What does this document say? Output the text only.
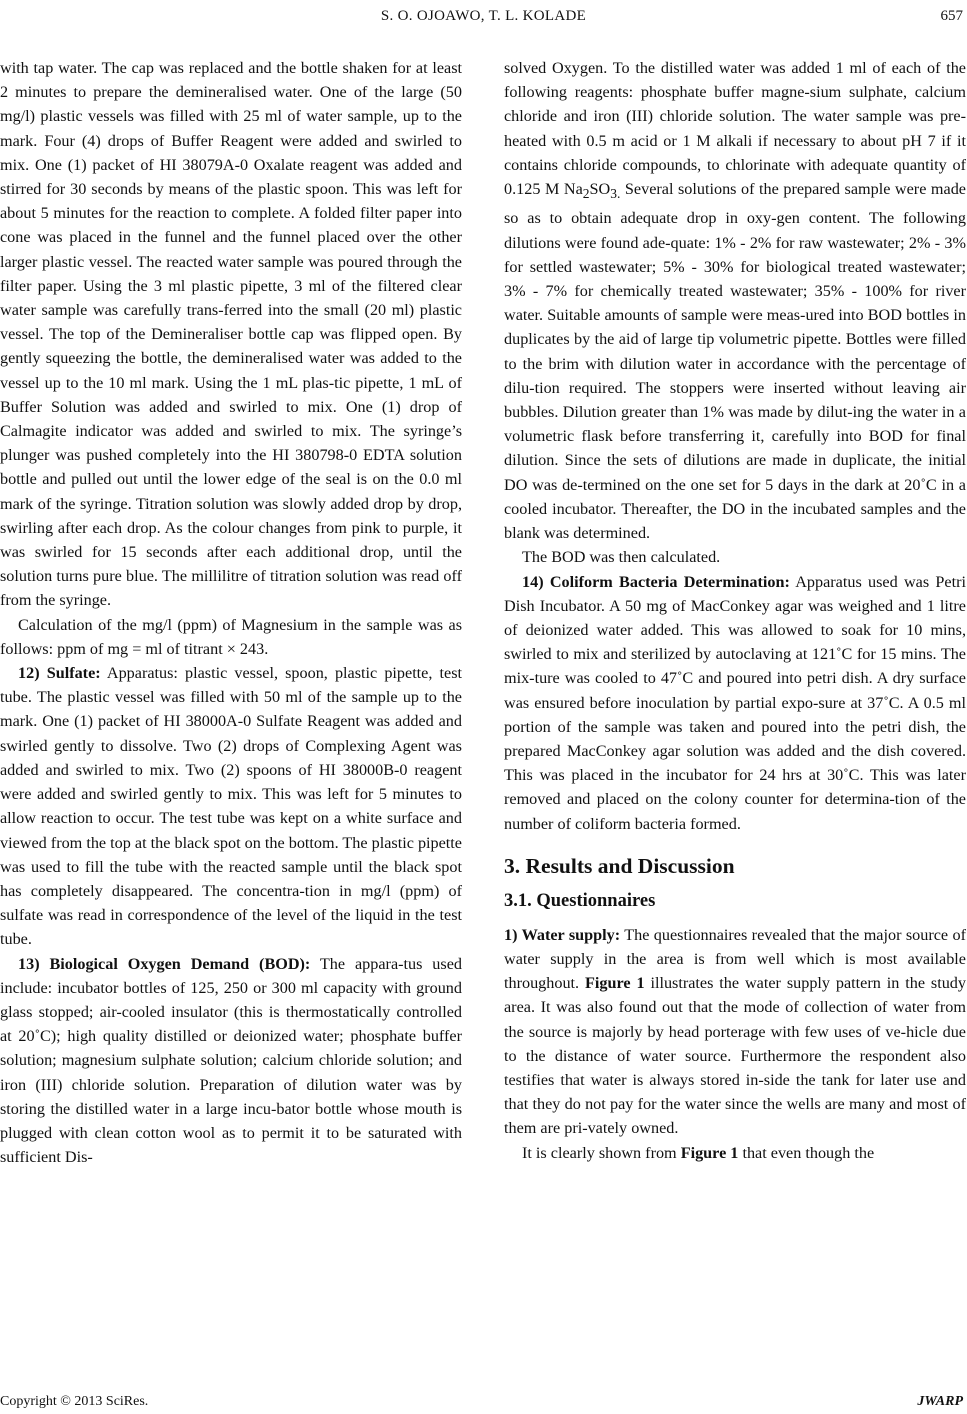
S. O. OJOAWO, T. L. KOLADE	657

with tap water. The cap was replaced and the bottle shaken for at least 2 minutes to prepare the demineralised water. One of the large (50 mg/l) plastic vessels was filled with 25 ml of water sample, up to the mark. Four (4) drops of Buffer Reagent were added and swirled to mix. One (1) packet of HI 38079A-0 Oxalate reagent was added and stirred for 30 seconds by means of the plastic spoon. This was left for about 5 minutes for the reaction to complete. A folded filter paper into cone was placed in the funnel and the funnel placed over the other larger plastic vessel. The reacted water sample was poured through the filter paper. Using the 3 ml plastic pipette, 3 ml of the filtered clear water sample was carefully trans-ferred into the small (20 ml) plastic vessel. The top of the Demineraliser bottle cap was flipped open. By gently squeezing the bottle, the demineralised water was added to the vessel up to the 10 ml mark. Using the 1 mL plas-tic pipette, 1 mL of Buffer Solution was added and swirled to mix. One (1) drop of Calmagite indicator was added and swirled to mix. The syringe’s plunger was pushed completely into the HI 380798-0 EDTA solution bottle and pulled out until the lower edge of the seal is on the 0.0 ml mark of the syringe. Titration solution was slowly added drop by drop, swirling after each drop. As the colour changes from pink to purple, it was swirled for 15 seconds after each additional drop, until the solution turns pure blue. The millilitre of titration solution was read off from the syringe.

Calculation of the mg/l (ppm) of Magnesium in the sample was as follows: ppm of mg = ml of titrant × 243.

12) Sulfate: Apparatus: plastic vessel, spoon, plastic pipette, test tube. The plastic vessel was filled with 50 ml of the sample up to the mark. One (1) packet of HI 38000A-0 Sulfate Reagent was added and swirled gently to dissolve. Two (2) drops of Complexing Agent was added and swirled to mix. Two (2) spoons of HI 38000B-0 reagent were added and swirled gently to mix. This was left for 5 minutes to allow reaction to occur. The test tube was kept on a white surface and viewed from the top at the black spot on the bottom. The plastic pipette was used to fill the tube with the reacted sample until the black spot has completely disappeared. The concentra-tion in mg/l (ppm) of sulfate was read in correspondence of the level of the liquid in the test tube.

13) Biological Oxygen Demand (BOD): The appara-tus used include: incubator bottles of 125, 250 or 300 ml capacity with ground glass stopped; air-cooled insulator (this is thermostatically controlled at 20˚C); high quality distilled or deionized water; phosphate buffer solution; magnesium sulphate solution; calcium chloride solution; and iron (III) chloride solution. Preparation of dilution water was by storing the distilled water in a large incu-bator bottle whose mouth is plugged with clean cotton wool as to permit it to be saturated with sufficient Dis-

solved Oxygen. To the distilled water was added 1 ml of each of the following reagents: phosphate buffer magne-sium sulphate, calcium chloride and iron (III) chloride solution. The water sample was pre-heated with 0.5 m acid or 1 M alkali if necessary to about pH 7 if it contains chloride compounds, to chlorinate with adequate quantity of 0.125 M $Na_2SO_{3.}$ Several solutions of the prepared sample were made so as to obtain adequate drop in oxy-gen content. The following dilutions were found ade-quate: 1% - 2% for raw wastewater; 2% - 3% for settled wastewater; 5% - 30% for biological treated wastewater; 3% - 7% for chemically treated wastewater; 35% - 100% for river water. Suitable amounts of sample were meas-ured into BOD bottles in duplicates by the aid of large tip volumetric pipette. Bottles were filled to the brim with dilution water in accordance with the percentage of dilu-tion required. The stoppers were inserted without leaving air bubbles. Dilution greater than 1% was made by dilut-ing the water in a volumetric flask before transferring it, carefully into BOD for final dilution. Since the sets of dilutions are made in duplicate, the initial DO was de-termined on the one set for 5 days in the dark at 20˚C in a cooled incubator. Thereafter, the DO in the incubated samples and the blank was determined.

The BOD was then calculated.

14) Coliform Bacteria Determination: Apparatus used was Petri Dish Incubator. A 50 mg of MacConkey agar was weighed and 1 litre of deionized water added. This was allowed to soak for 10 mins, swirled to mix and sterilized by autoclaving at 121˚C for 15 mins. The mix-ture was cooled to 47˚C and poured into petri dish. A dry surface was ensured before inoculation by partial expo-sure at 37˚C. A 0.5 ml portion of the sample was taken and poured into the petri dish, the prepared MacConkey agar solution was added and the dish covered. This was placed in the incubator for 24 hrs at 30˚C. This was later removed and placed on the colony counter for determina-tion of the number of coliform bacteria formed.

3. Results and Discussion
3.1. Questionnaires

1) Water supply: The questionnaires revealed that the major source of water supply in the area is from well which is most available throughout. Figure 1 illustrates the water supply pattern in the study area. It was also found out that the mode of collection of water from the source is majorly by head porterage with few uses of ve-hicle due to the distance of water source. Furthermore the respondent also testifies that water is always stored in-side the tank for later use and that they do not pay for the water since the wells are many and most of them are pri-vately owned.

It is clearly shown from Figure 1 that even though the

Copyright © 2013 SciRes.	JWARP
